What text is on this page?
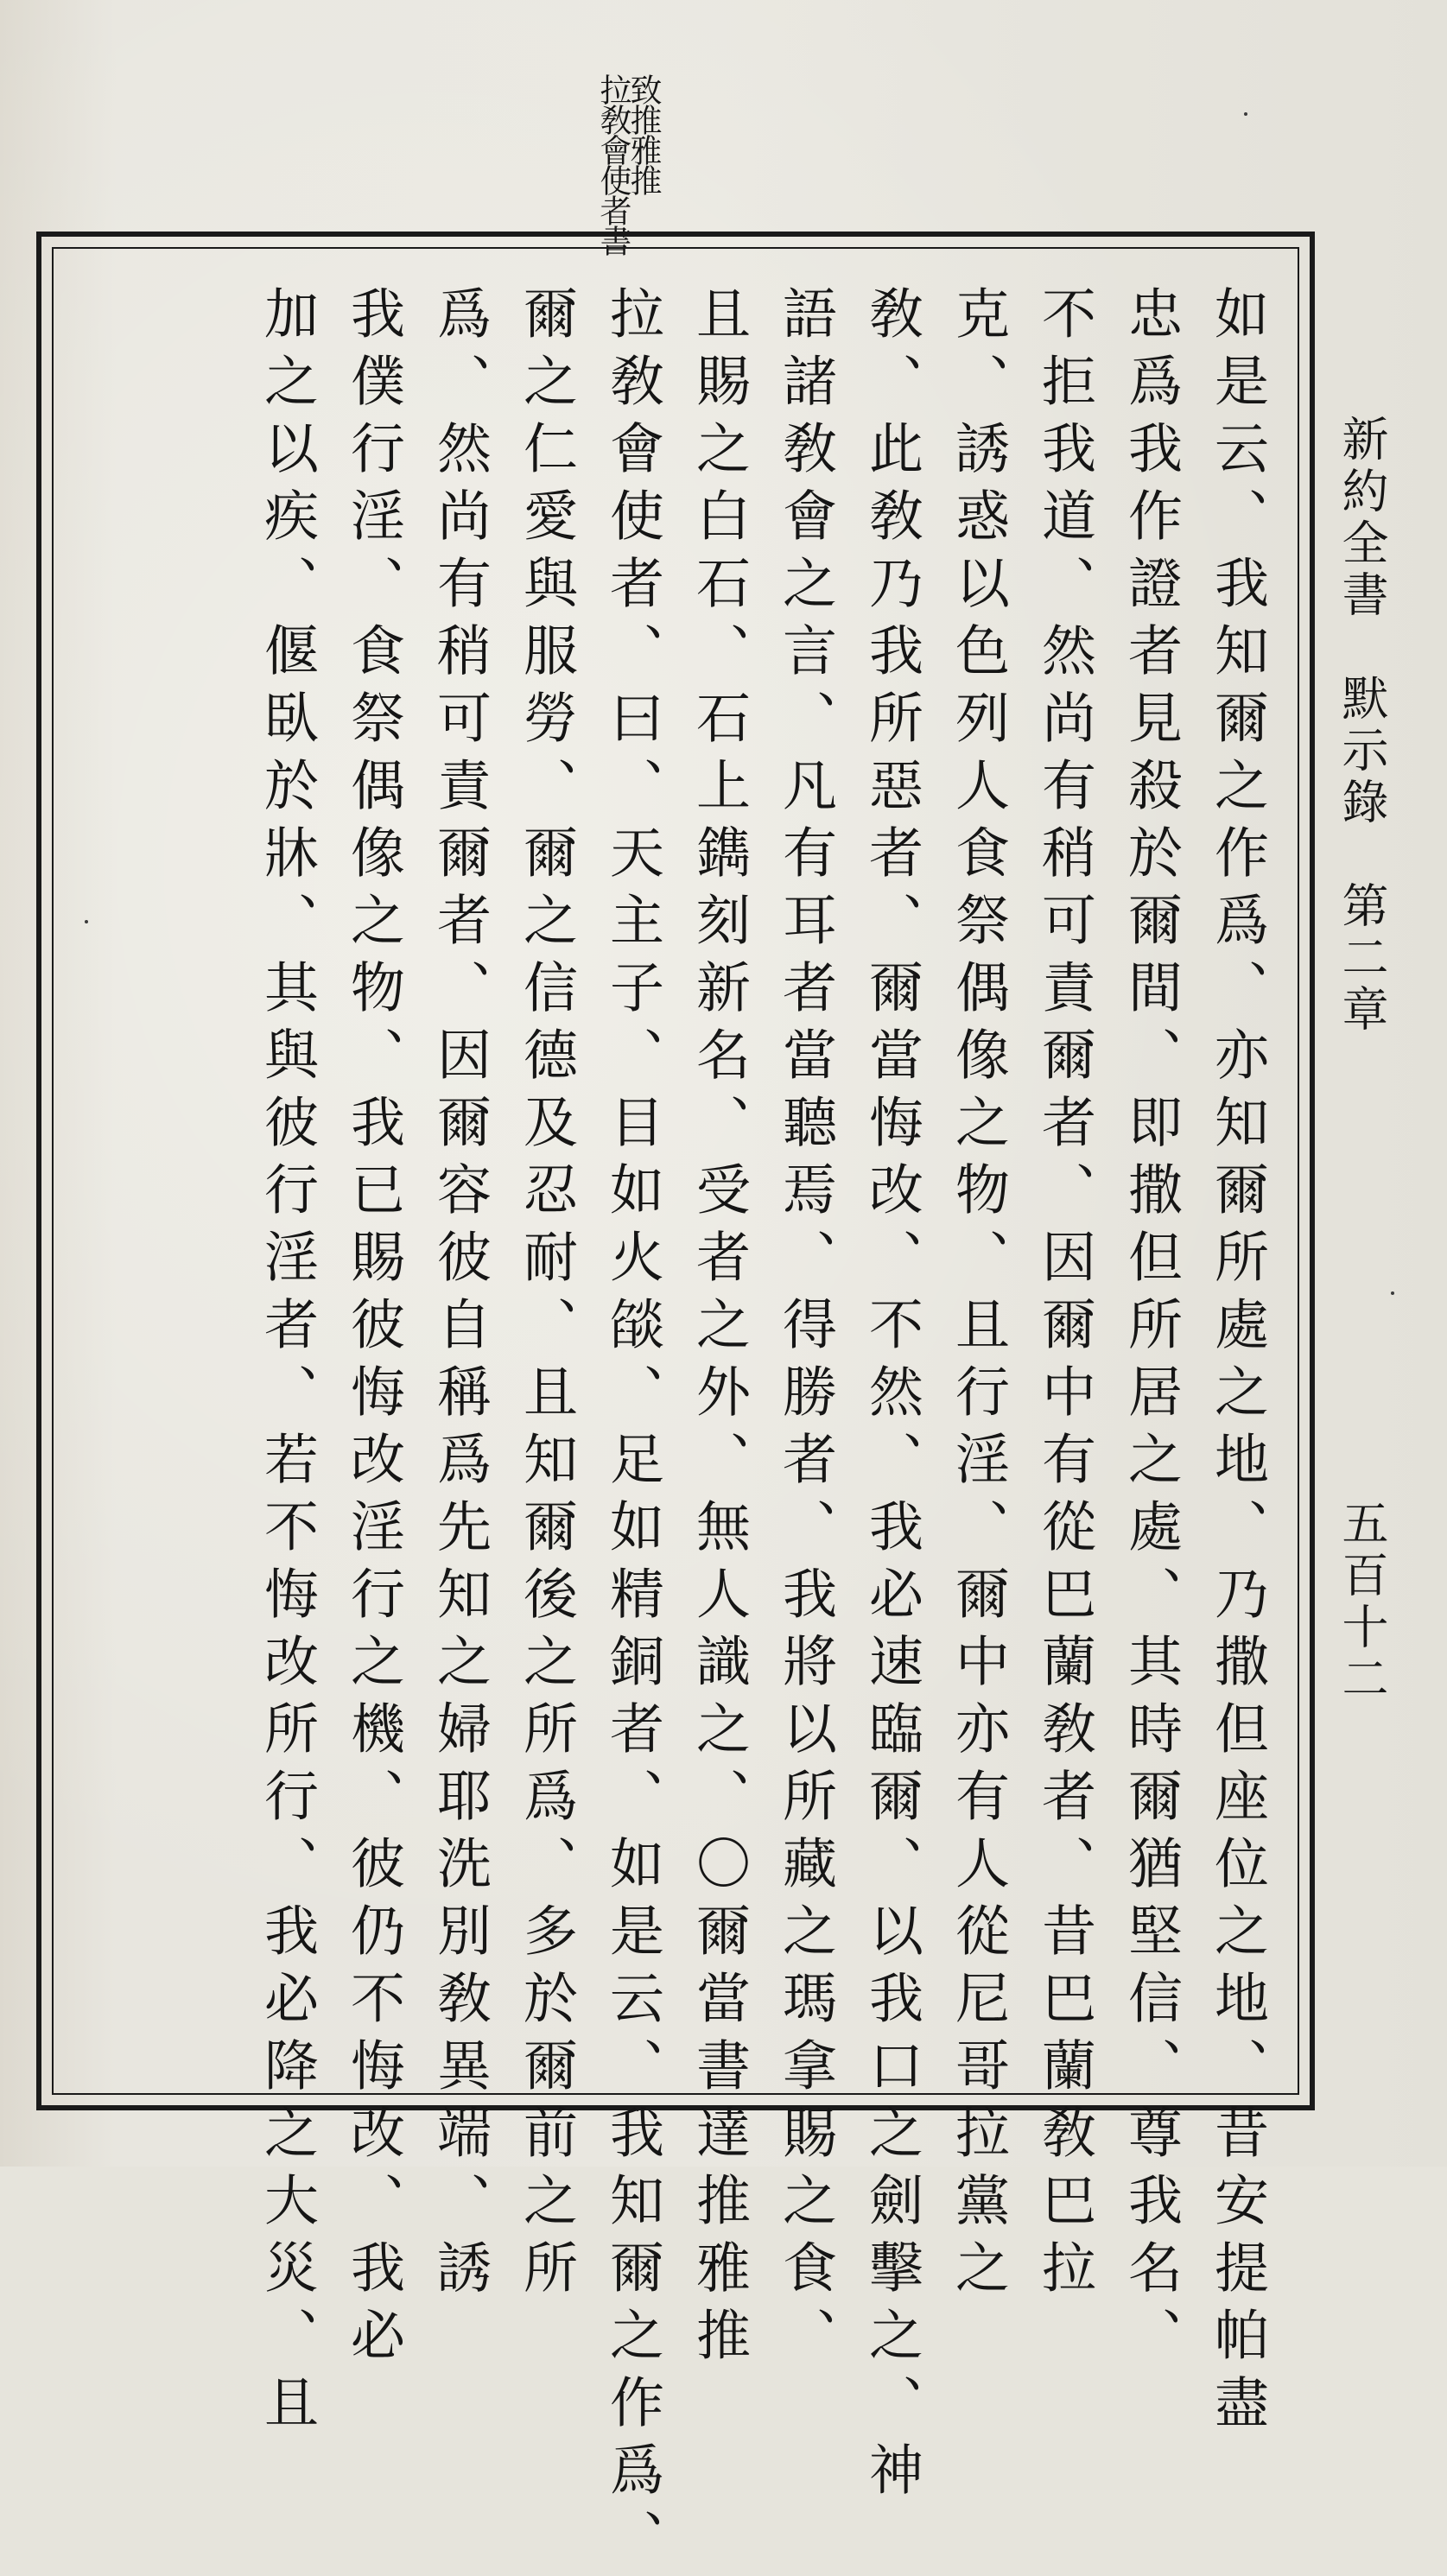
致推雅推
拉敎會使者書
新約全書默示錄第二章
五百十二
如是云、我知爾之作爲、亦知爾所處之地、乃撒但座位之地、昔安提帕盡
忠爲我作證者見殺於爾間、即撒但所居之處、其時爾猶堅信、尊我名、
不拒我道、然尚有稍可責爾者、因爾中有從巴蘭敎者、昔巴蘭敎巴拉
克、誘惑以色列人食祭偶像之物、且行淫、爾中亦有人從尼哥拉黨之
敎、此敎乃我所惡者、爾當悔改、不然、我必速臨爾、以我口之劍擊之、神
語諸敎會之言、凡有耳者當聽焉、得勝者、我將以所藏之瑪拿賜之食、
且賜之白石、石上鐫刻新名、受者之外、無人識之、〇爾當書達推雅推
拉敎會使者、曰、天主子、目如火燄、足如精銅者、如是云、我知爾之作爲、
爾之仁愛與服勞、爾之信德及忍耐、且知爾後之所爲、多於爾前之所
爲、然尚有稍可責爾者、因爾容彼自稱爲先知之婦耶洗別敎異端、誘
我僕行淫、食祭偶像之物、我已賜彼悔改淫行之機、彼仍不悔改、我必
加之以疾、偃臥於牀、其與彼行淫者、若不悔改所行、我必降之大災、且
